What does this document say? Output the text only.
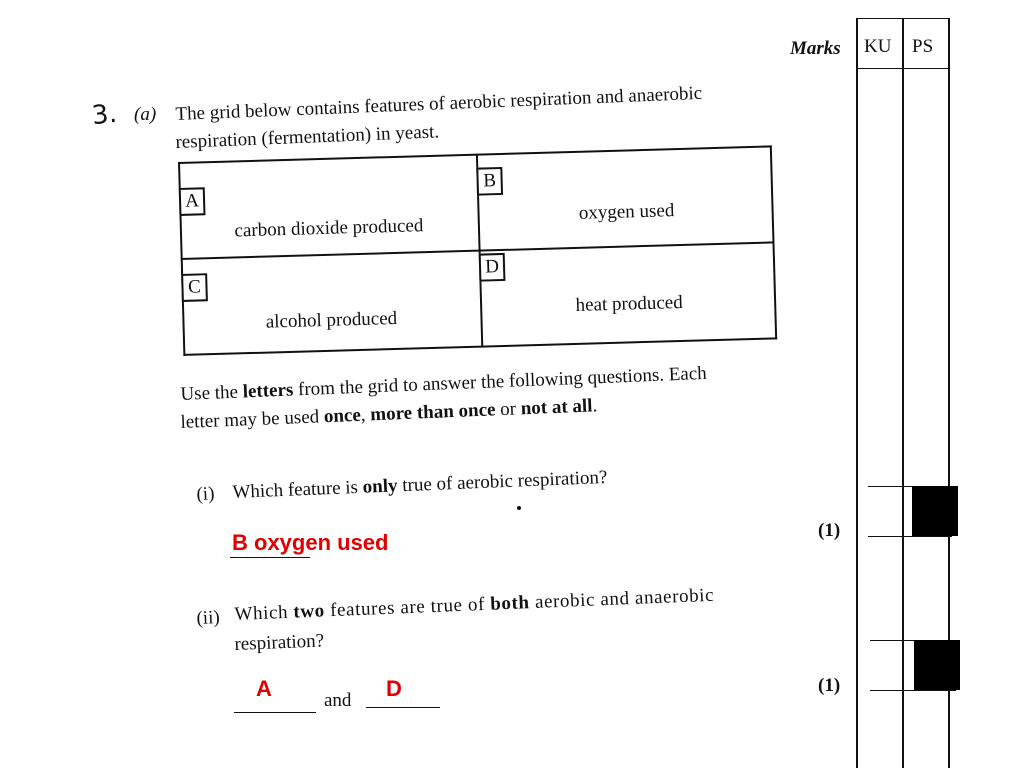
3. (a) The grid below contains features of aerobic respiration and anaerobic
respiration (fermentation) in yeast.
A
carbon dioxide produced
B
oxygen used
C
alcohol produced
D
heat produced
Use the letters from the grid to answer the following questions. Each
letter may be used once, more than once or not at all.
(i) Which feature is only true of aerobic respiration?
B oxygen used	(1)
(ii) Which two features are true of both aerobic and anaerobic
respiration?
A	and D	(1)
Marks KU PS
